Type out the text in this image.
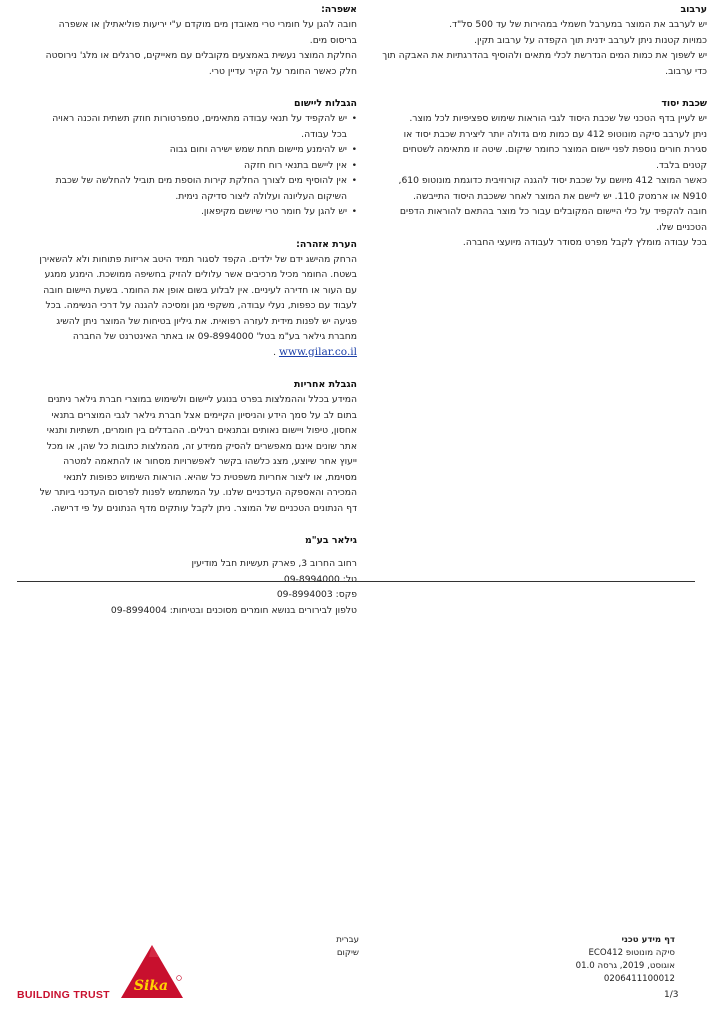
ערבוב

יש לערבב את המוצר במערבל חשמלי במהירות של עד 500 סל"ד.

כמויות קטנות ניתן לערבב ידנית תוך הקפדה על ערבוב תקין.

יש לשפוך את כמות המים הנדרשת לכלי מתאים ולהוסיף בהדרגתיות את האבקה תוך כדי ערבוב.

שכבת יסוד

יש לעיין בדף הטכני של שכבת היסוד לגבי הוראות שימוש ספציפיות לכל מוצר.

ניתן לערבב סיקה מונוטופ 412 עם כמות מים גדולה יותר ליצירת שכבת יסוד או סגירת חורים נוספת לפני יישום המוצר כחומר שיקום. שיטה זו מתאימה לשטחים קטנים בלבד.

כאשר המוצר 412 מיושם על שכבת יסוד להגנה קורוזיבית כדוגמת מונוטופ 610, N910 או ארמטק 110. יש ליישם את המוצר לאחר ששכבת היסוד התייבשה.

חובה להקפיד על כלי היישום המקובלים עבור כל מוצר בהתאם להוראות הדפים הטכניים שלו.

בכל עבודה מומלץ לקבל מפרט מסודר לעבודה מיועצי החברה.

אשפרה:

חובה להגן על חומרי טרי מאובדן מים מוקדם ע"י יריעות פוליאתילן או אשפרה בריסוס מים.

החלקת המוצר נעשית באמצעים מקובלים עם מאייקים, סרגלים או מלג' נירוסטה חלק כאשר החומר על הקיר עדיין טרי.

הגבלות ליישום
• יש להקפיד על תנאי עבודה מתאימים, טמפרטורות חוזק תשתית והכנה ראויה בכל עבודה.
• יש להימנע מיישום תחת שמש ישירה וחום גבוה
• אין ליישם בתנאי רוח חזקה
• אין להוסיף מים לצורך החלקת קירות הוספת מים תוביל להחלשה של שכבת השיקום העליונה ועלולה ליצור סדיקה נימית.
• יש להגן על חומר טרי שיושם מקיפאון.
הערת אזהרה:

הרחק מהישג ידם של ילדים. הקפד לסגור תמיד היטב אריזות פתוחות ולא להשאירן בשטח. החומר מכיל מרכיבים אשר עלולים להזיק בחשיפה ממושכת. הימנע ממגע עם העור או חדירה לעיניים. אין לבלוע בשום אופן את החומר. בשעת היישום חובה לעבוד עם כפפות, נעלי עבודה, משקפי מגן ומסיכה להגנה על דרכי הנשימה. בכל פגיעה יש לפנות מידית לעזרה רפואית. את גיליון בטיחות של המוצר ניתן להשיג מחברת גילאר בע"מ בטל' 09-8994000 או באתר האינטרנט של החברה www.gilar.co.il .

הגבלת אחריות

המידע בכלל וההמלצות בפרט בנוגע ליישום ולשימוש במוצרי חברת גילאר ניתנים בתום לב על סמך הידע והניסיון הקיימים אצל חברת גילאר לגבי המוצרים בתנאי אחסון, טיפול ויישום נאותים ובתנאים רגילים. ההבדלים בין חומרים, תשתיות ותנאי אתר שונים אינם מאפשרים להסיק ממידע זה, מהמלצות כתובות כל שהן, או מכל ייעוץ אחר שיוצע, מצג כלשהו בקשר לאפשרויות מסחור או להתאמה למטרה מסוימת, או ליצור אחריות משפטית כל שהיא. הוראות השימוש כפופות לתנאי המכירה והאספקה העדכניים שלנו. על המשתמש לפנות לפרסום העדכני ביותר של דף הנתונים הטכניים של המוצר. ניתן לקבל עותקים מדף הנתונים על פי דרישה.

גילאר בע"מ

רחוב החרוב 3, פארק תעשיות חבל מודיעין

טל: 09-8994000

פקס: 09-8994003

טלפון לבירורים בנושא חומרים מסוכנים ובטיחות: 09-8994004

דף מידע טכני
סיקה מונוטופ ECO412
אוגוסט, 2019, גרסה 01.0
0206411100012
עברית
שיקום
1/3
Sika
BUILDING TRUST
